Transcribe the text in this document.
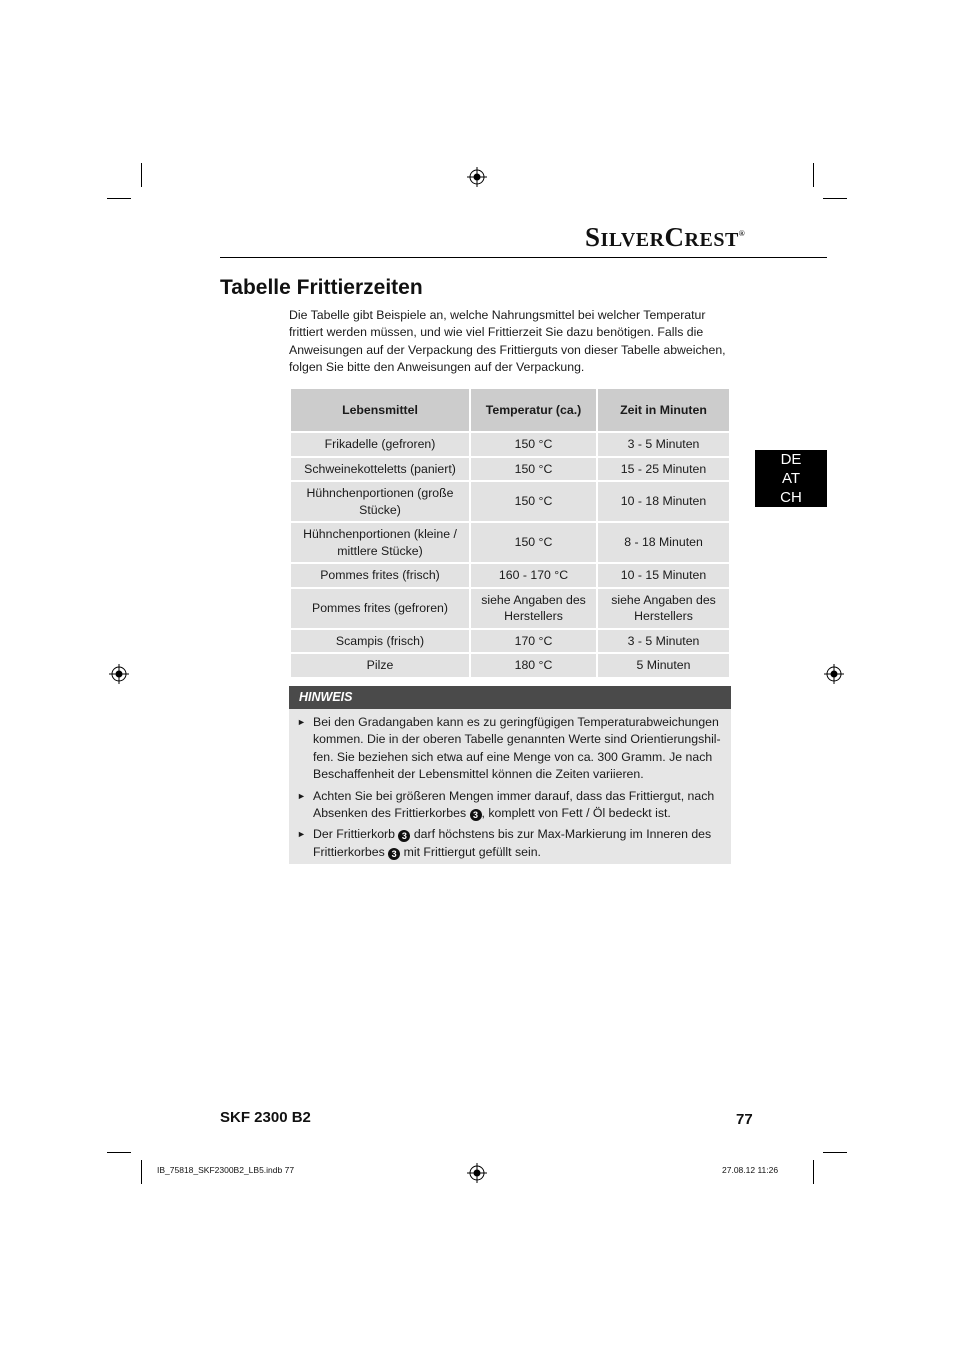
SILVERCREST®
Tabelle Frittierzeiten

Die Tabelle gibt Beispiele an, welche Nahrungsmittel bei welcher Temperatur frittiert werden müssen, und wie viel Frittierzeit Sie dazu benötigen. Falls die Anweisungen auf der Verpackung des Frittierguts von dieser Tabelle abweichen, folgen Sie bitte den Anweisungen auf der Verpackung.

Lebensmittel	Temperatur (ca.)	Zeit in Minuten
Frikadelle (gefroren)	150 °C	3 - 5 Minuten
Schweinekotteletts (paniert)	150 °C	15 - 25 Minuten
Hühnchenportionen (große Stücke)	150 °C	10 - 18 Minuten
Hühnchenportionen (kleine / mittlere Stücke)	150 °C	8 - 18 Minuten
Pommes frites (frisch)	160 - 170 °C	10 - 15 Minuten
Pommes frites (gefroren)	siehe Angaben des Herstellers	siehe Angaben des Herstellers
Scampis (frisch)	170 °C	3 - 5 Minuten
Pilze	180 °C	5 Minuten
DE
AT
CH
HINWEIS
► Bei den Gradangaben kann es zu geringfügigen Temperaturabweichungen kommen. Die in der oberen Tabelle genannten Werte sind Orientierungshil-fen. Sie beziehen sich etwa auf eine Menge von ca. 300 Gramm. Je nach Beschaffenheit der Lebensmittel können die Zeiten variieren.
► Achten Sie bei größeren Mengen immer darauf, dass das Frittiergut, nach Absenken des Frittierkorbes 3 , komplett von Fett / Öl bedeckt ist.
► Der Frittierkorb 3 darf höchstens bis zur Max-Markierung im Inneren des Frittierkorbes 3 mit Frittiergut gefüllt sein.
SKF 2300 B2	77
IB_75818_SKF2300B2_LB5.indb 77	27.08.12 11:26
